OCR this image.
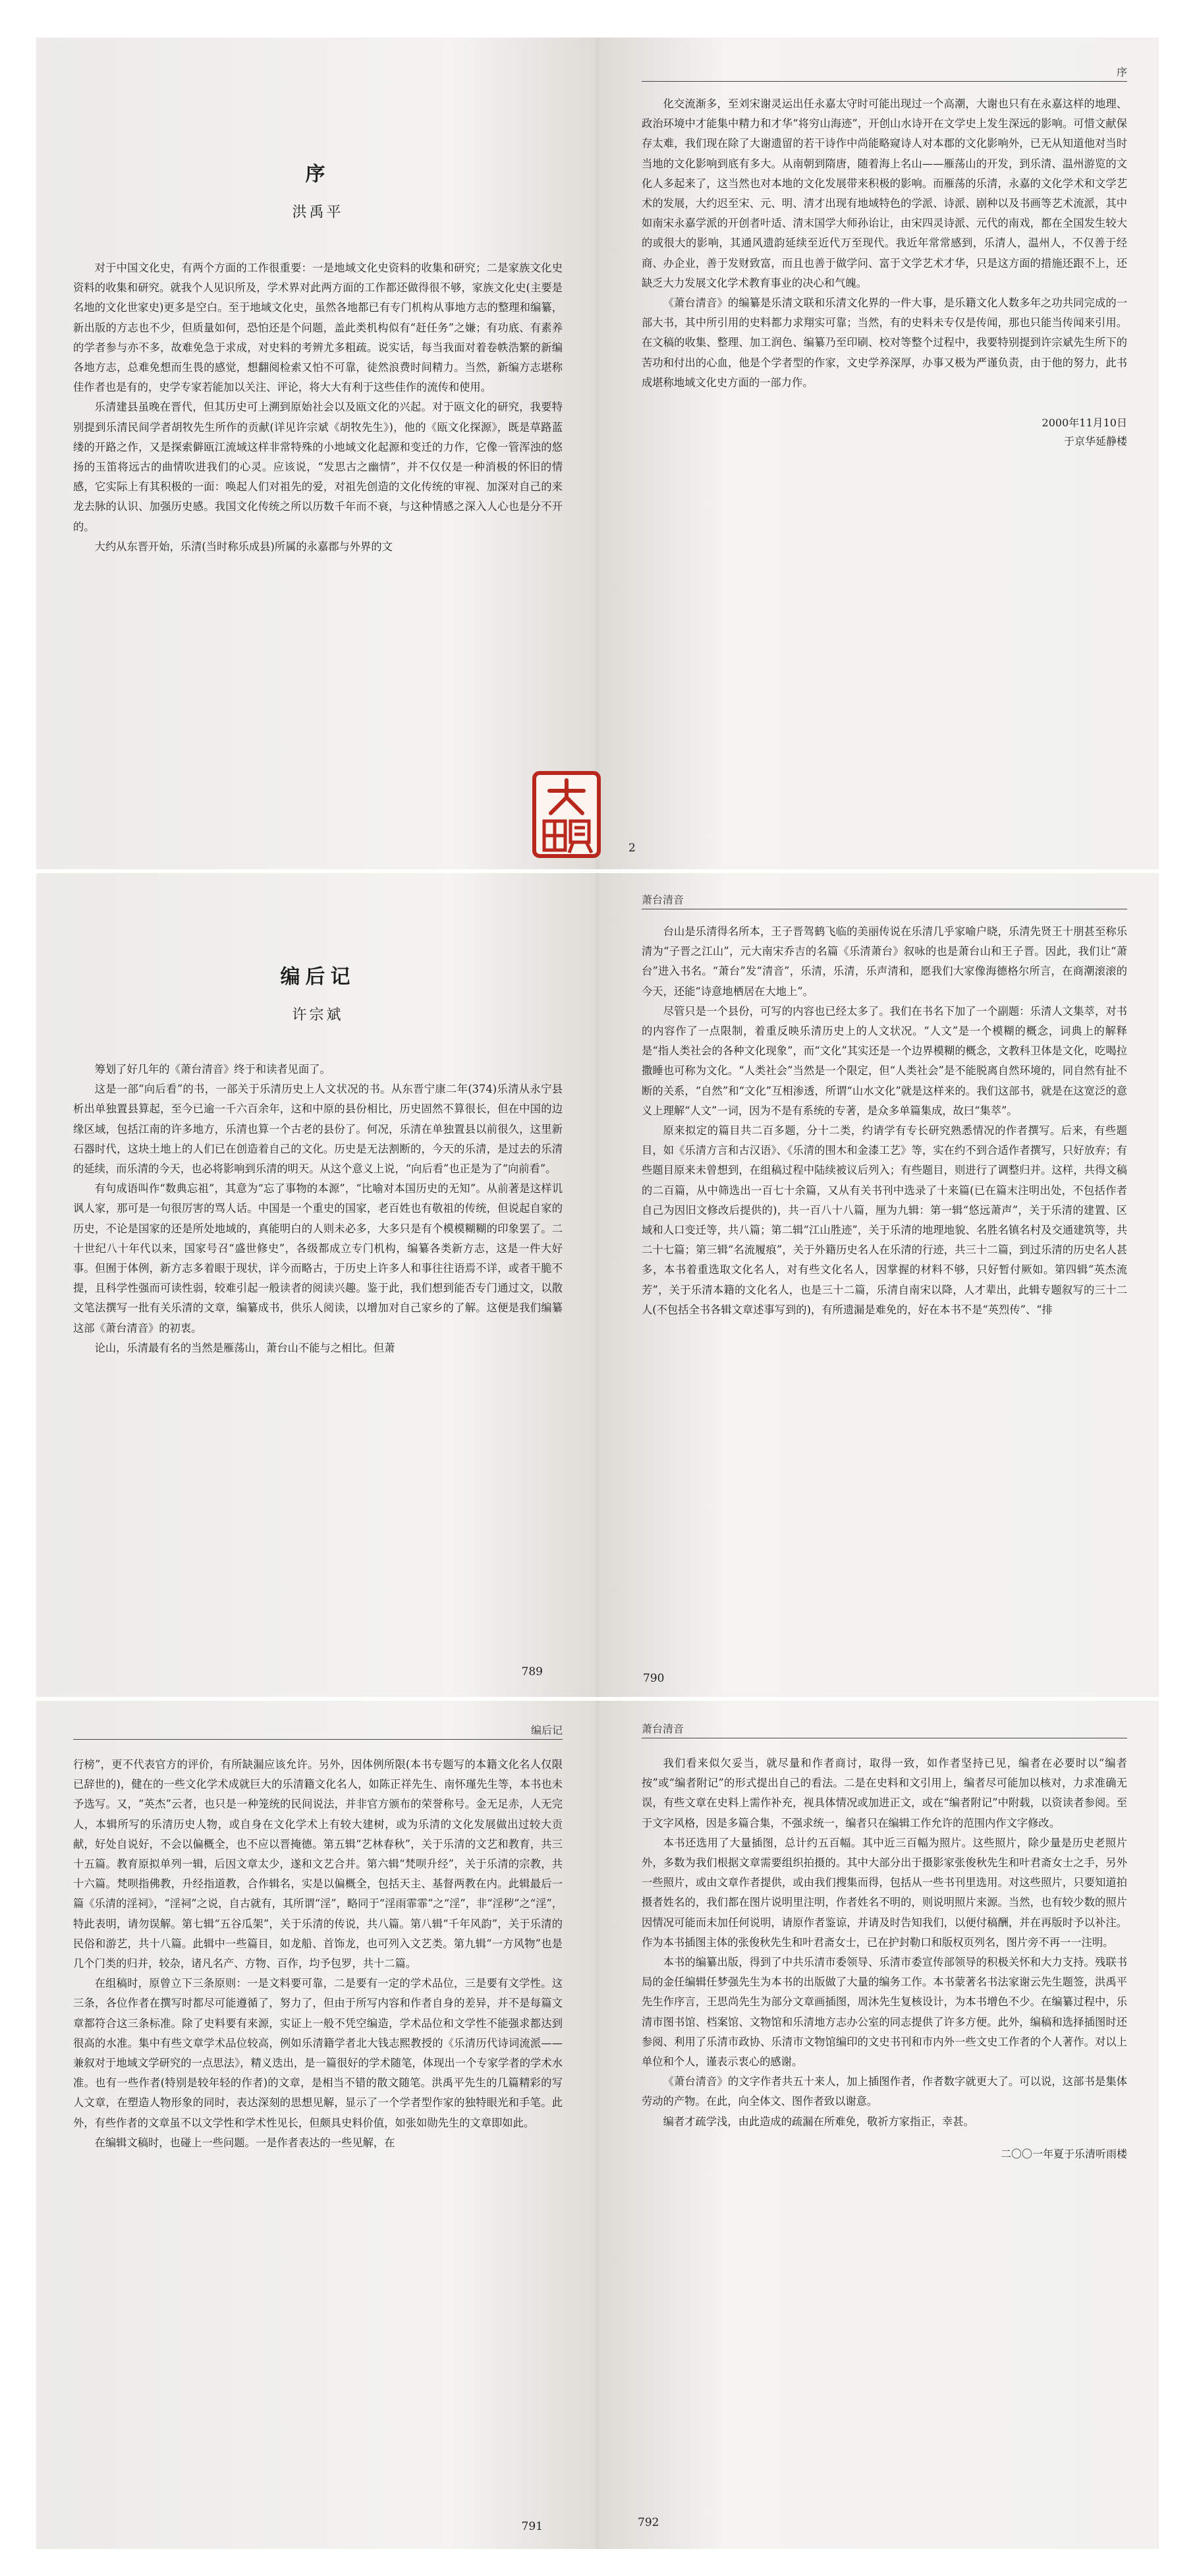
序

洪禹平

对于中国文化史，有两个方面的工作很重要：一是地域文化史资料的收集和研究；二是家族文化史资料的收集和研究。就我个人见识所及，学术界对此两方面的工作都还做得很不够，家族文化史(主要是名地的文化世家史)更多是空白。至于地域文化史，虽然各地都已有专门机构从事地方志的整理和编纂，新出版的方志也不少，但质量如何，恐怕还是个问题，盖此类机构似有“赶任务”之嫌；有功底、有素养的学者参与亦不多，故难免急于求成，对史料的考辨尤多粗疏。说实话，每当我面对着卷帙浩繁的新编各地方志，总难免想而生畏的感觉，想翻阅检索又怕不可靠，徒然浪费时间精力。当然，新编方志堪称佳作者也是有的，史学专家若能加以关注、评论，将大大有利于这些佳作的流传和使用。

乐清建县虽晚在晋代，但其历史可上溯到原始社会以及瓯文化的兴起。对于瓯文化的研究，我要特别提到乐清民间学者胡牧先生所作的贡献(详见许宗斌《胡牧先生》)，他的《瓯文化探源》，既是草路蓝缕的开路之作，又是探索僻瓯江流域这样非常特殊的小地域文化起源和变迁的力作，它像一管浑浊的悠扬的玉笛将远古的曲情吹进我们的心灵。应该说，“发思古之幽情”，并不仅仅是一种消极的怀旧的情感，它实际上有其积极的一面：唤起人们对祖先的爱，对祖先创造的文化传统的审视、加深对自己的来龙去脉的认识、加强历史感。我国文化传统之所以历数千年而不衰，与这种情感之深入人心也是分不开的。

大约从东晋开始，乐清(当时称乐成县)所属的永嘉郡与外界的文

序

化交流渐多，至刘宋谢灵运出任永嘉太守时可能出现过一个高潮，大谢也只有在永嘉这样的地理、政治环境中才能集中精力和才华“将穷山海迹”，开创山水诗开在文学史上发生深远的影响。可惜文献保存太难，我们现在除了大谢遗留的若干诗作中尚能略窥诗人对本郡的文化影响外，已无从知道他对当时当地的文化影响到底有多大。从南朝到隋唐，随着海上名山——雁荡山的开发，到乐清、温州游览的文化人多起来了，这当然也对本地的文化发展带来积极的影响。而雁荡的乐清，永嘉的文化学术和文学艺术的发展，大约迟至宋、元、明、清才出现有地域特色的学派、诗派、剧种以及书画等艺术流派，其中如南宋永嘉学派的开创者叶适、清末国学大师孙诒让，由宋四灵诗派、元代的南戏，都在全国发生较大的或很大的影响，其通风遗韵延续至近代万至现代。我近年常常感到，乐清人，温州人，不仅善于经商、办企业，善于发财致富，而且也善于做学问、富于文学艺术才华，只是这方面的措施还跟不上，还缺乏大力发展文化学术教育事业的决心和气魄。

《萧台清音》的编纂是乐清文联和乐清文化界的一件大事，是乐籍文化人数多年之功共同完成的一部大书，其中所引用的史料都力求翔实可靠；当然，有的史料未专仅是传闻，那也只能当传闻来引用。在文稿的收集、整理、加工润色、编纂乃至印刷、校对等整个过程中，我要特别提到许宗斌先生所下的苦功和付出的心血，他是个学者型的作家，文史学养深厚，办事又极为严谨负责，由于他的努力，此书成堪称地域文化史方面的一部力作。

2000年11月10日
于京华延静楼
2
编后记

许宗斌

筹划了好几年的《萧台清音》终于和读者见面了。

这是一部“向后看”的书，一部关于乐清历史上人文状况的书。从东晋宁康二年(374)乐清从永宁县析出单独置县算起，至今已逾一千六百余年，这和中原的县份相比，历史固然不算很长，但在中国的边缘区域，包括江南的许多地方，乐清也算一个古老的县份了。何况，乐清在单独置县以前很久，这里新石器时代，这块土地上的人们已在创造着自己的文化。历史是无法割断的，今天的乐清，是过去的乐清的延续，而乐清的今天，也必将影响到乐清的明天。从这个意义上说，“向后看”也正是为了“向前看”。

有句成语叫作“数典忘祖”，其意为“忘了事物的本源”，“比喻对本国历史的无知”。从前著是这样讥讽人家，那可是一句很厉害的骂人话。中国是一个重史的国家，老百姓也有敬祖的传统，但说起自家的历史，不论是国家的还是所处地域的，真能明白的人则未必多，大多只是有个模模糊糊的印象罢了。二十世纪八十年代以来，国家号召“盛世修史”，各级都成立专门机构，编纂各类新方志，这是一件大好事。但囿于体例，新方志多着眼于现状，详今而略古，于历史上许多人和事往往语焉不详，或者干脆不提，且科学性强而可读性弱，较难引起一般读者的阅读兴趣。鉴于此，我们想到能否专门通过文，以散文笔法撰写一批有关乐清的文章，编纂成书，供乐人阅读，以增加对自己家乡的了解。这便是我们编纂这部《萧台清音》的初衷。

论山，乐清最有名的当然是雁荡山，萧台山不能与之相比。但萧

789
萧台清音

台山是乐清得名所本，王子晋驾鹤飞临的美丽传说在乐清几乎家喻户晓，乐清先贤王十朋甚至称乐清为“子晋之江山”，元大南宋乔吉的名篇《乐清萧台》叙咏的也是萧台山和王子晋。因此，我们让“萧台”进入书名。“萧台”发“清音”，乐清，乐清，乐声清和，愿我们大家像海德格尔所言，在商潮滚滚的今天，还能“诗意地栖居在大地上”。

尽管只是一个县份，可写的内容也已经太多了。我们在书名下加了一个副题：乐清人文集萃，对书的内容作了一点限制，着重反映乐清历史上的人文状况。“人文”是一个模糊的概念，词典上的解释是“指人类社会的各种文化现象”，而“文化”其实还是一个边界模糊的概念，文教科卫体是文化，吃喝拉撒睡也可称为文化。“人类社会”当然是一个限定，但“人类社会”是不能脱离自然环境的，同自然有扯不断的关系，“自然”和“文化”互相渗透，所谓“山水文化”就是这样来的。我们这部书，就是在这宽泛的意义上理解“人文”一词，因为不是有系统的专著，是众多单篇集成，故曰“集萃”。

原来拟定的篇目共二百多题，分十二类，约请学有专长研究熟悉情况的作者撰写。后来，有些题目，如《乐清方言和古汉语》、《乐清的围木和金漆工艺》等，实在约不到合适作者撰写，只好放弃；有些题目原来未曾想到，在组稿过程中陆续被议后列入；有些题目，则进行了调整归并。这样，共得文稿的二百篇，从中筛选出一百七十余篇，又从有关书刊中选录了十来篇(已在篇末注明出处，不包括作者自己为因旧文修改后提供的)，共一百八十八篇，厘为九辑：第一辑“悠远萧声”，关于乐清的建置、区域和人口变迁等，共八篇；第二辑“江山胜迹”，关于乐清的地理地貌、名胜名镇名村及交通建筑等，共二十七篇；第三辑“名流履痕”，关于外籍历史名人在乐清的行迹，共三十二篇，到过乐清的历史名人甚多，本书着重选取文化名人，对有些文化名人，因掌握的材料不够，只好暂付厥如。第四辑“英杰流芳”，关于乐清本籍的文化名人，也是三十二篇，乐清自南宋以降，人才辈出，此辑专题叙写的三十二人(不包括全书各辑文章述事写到的)，有所遗漏是难免的，好在本书不是“英烈传”、“排

790
编后记

行榜”，更不代表官方的评价，有所缺漏应该允许。另外，因体例所限(本书专题写的本籍文化名人仅限已辞世的)，健在的一些文化学术成就巨大的乐清籍文化名人，如陈正祥先生、南怀瑾先生等，本书也未予选写。又，“英杰”云者，也只是一种笼统的民间说法，并非官方颁布的荣誉称号。金无足赤，人无完人，本辑所写的乐清历史人物，或自身在文化学术上有较大建树，或为乐清的文化发展做出过较大贡献，好处自说好，不会以偏概全，也不应以晋掩德。第五辑“艺林春秋”，关于乐清的文艺和教育，共三十五篇。教育原拟单列一辑，后因文章太少，遂和文艺合并。第六辑“梵呗升经”，关于乐清的宗教，共十六篇。梵呗指佛教，升经指道教，合作辑名，实是以偏概全，包括天主、基督两教在内。此辑最后一篇《乐清的淫祠》，“淫祠”之说，自古就有，其所谓“淫”，略同于“淫雨霏霏”之“淫”，非“淫秽”之“淫”，特此表明，请勿误解。第七辑“五谷瓜架”，关于乐清的传说，共八篇。第八辑“千年风韵”，关于乐清的民俗和游艺，共十八篇。此辑中一些篇目，如龙船、首饰龙，也可列入文艺类。第九辑“一方风物”也是几个门类的归并，较杂，诸凡名产、方物、百作，均予包罗，共十二篇。

在组稿时，原曾立下三条原则：一是文料要可靠，二是要有一定的学术品位，三是要有文学性。这三条，各位作者在撰写时都尽可能遵循了，努力了，但由于所写内容和作者自身的差异，并不是每篇文章都符合这三条标准。除了史料要有来源，实证上一般不凭空编造，学术品位和文学性不能强求都达到很高的水准。集中有些文章学术品位较高，例如乐清籍学者北大钱志熙教授的《乐清历代诗词流派——兼叙对于地域文学研究的一点思法》，精义迭出，是一篇很好的学术随笔，体现出一个专家学者的学术水准。也有一些作者(特别是较年轻的作者)的文章，是相当不错的散文随笔。洪禹平先生的几篇精彩的写人文章，在塑造人物形象的同时，表达深刻的思想见解，显示了一个学者型作家的独特眼光和手笔。此外，有些作者的文章虽不以文学性和学术性见长，但颇具史料价值，如张如勋先生的文章即如此。

在编辑文稿时，也碰上一些问题。一是作者表达的一些见解，在

791
萧台清音

我们看来似欠妥当，就尽量和作者商讨，取得一致，如作者坚持已见，编者在必要时以“编者按”或“编者附记”的形式提出自己的看法。二是在史料和文引用上，编者尽可能加以核对，力求准确无误，有些文章在史料上需作补充，视具体情况或加进正文，或在“编者附记”中附载，以资读者参阅。至于文字风格，因是多篇合集，不强求统一，编者只在编辑工作允许的范围内作文字修改。

本书还选用了大量插图，总计约五百幅。其中近三百幅为照片。这些照片，除少量是历史老照片外，多数为我们根据文章需要组织拍摄的。其中大部分出于摄影家张俊秋先生和叶君斋女士之手，另外一些照片，或由文章作者提供，或由我们搜集而得，包括从一些书刊里选用。对这些照片，只要知道拍摄者姓名的，我们都在图片说明里注明，作者姓名不明的，则说明照片来源。当然，也有较少数的照片因情况可能而未加任何说明，请原作者鉴谅，并请及时告知我们，以便付稿酬，并在再版时予以补注。作为本书插图主体的张俊秋先生和叶君斋女士，已在护封勒口和版权页列名，图片旁不再一一注明。

本书的编纂出版，得到了中共乐清市委领导、乐清市委宣传部领导的积极关怀和大力支持。残联书局的金任编辑任梦强先生为本书的出版做了大量的编务工作。本书蒙著名书法家谢云先生题签，洪禹平先生作序言，王思尚先生为部分文章画插图，周沐先生复核设计，为本书增色不少。在编纂过程中，乐清市图书馆、档案馆、文物馆和乐清地方志办公室的同志提供了许多方便。此外，编稿和选择插图时还参阅、利用了乐清市政协、乐清市文物馆编印的文史书刊和市内外一些文史工作者的个人著作。对以上单位和个人，谨表示衷心的感谢。

《萧台清音》的文字作者共五十来人，加上插图作者，作者数字就更大了。可以说，这部书是集体劳动的产物。在此，向全体文、图作者致以谢意。

编者才疏学浅，由此造成的疏漏在所难免，敬祈方家指正，幸甚。

二〇〇一年夏于乐清听雨楼
792
